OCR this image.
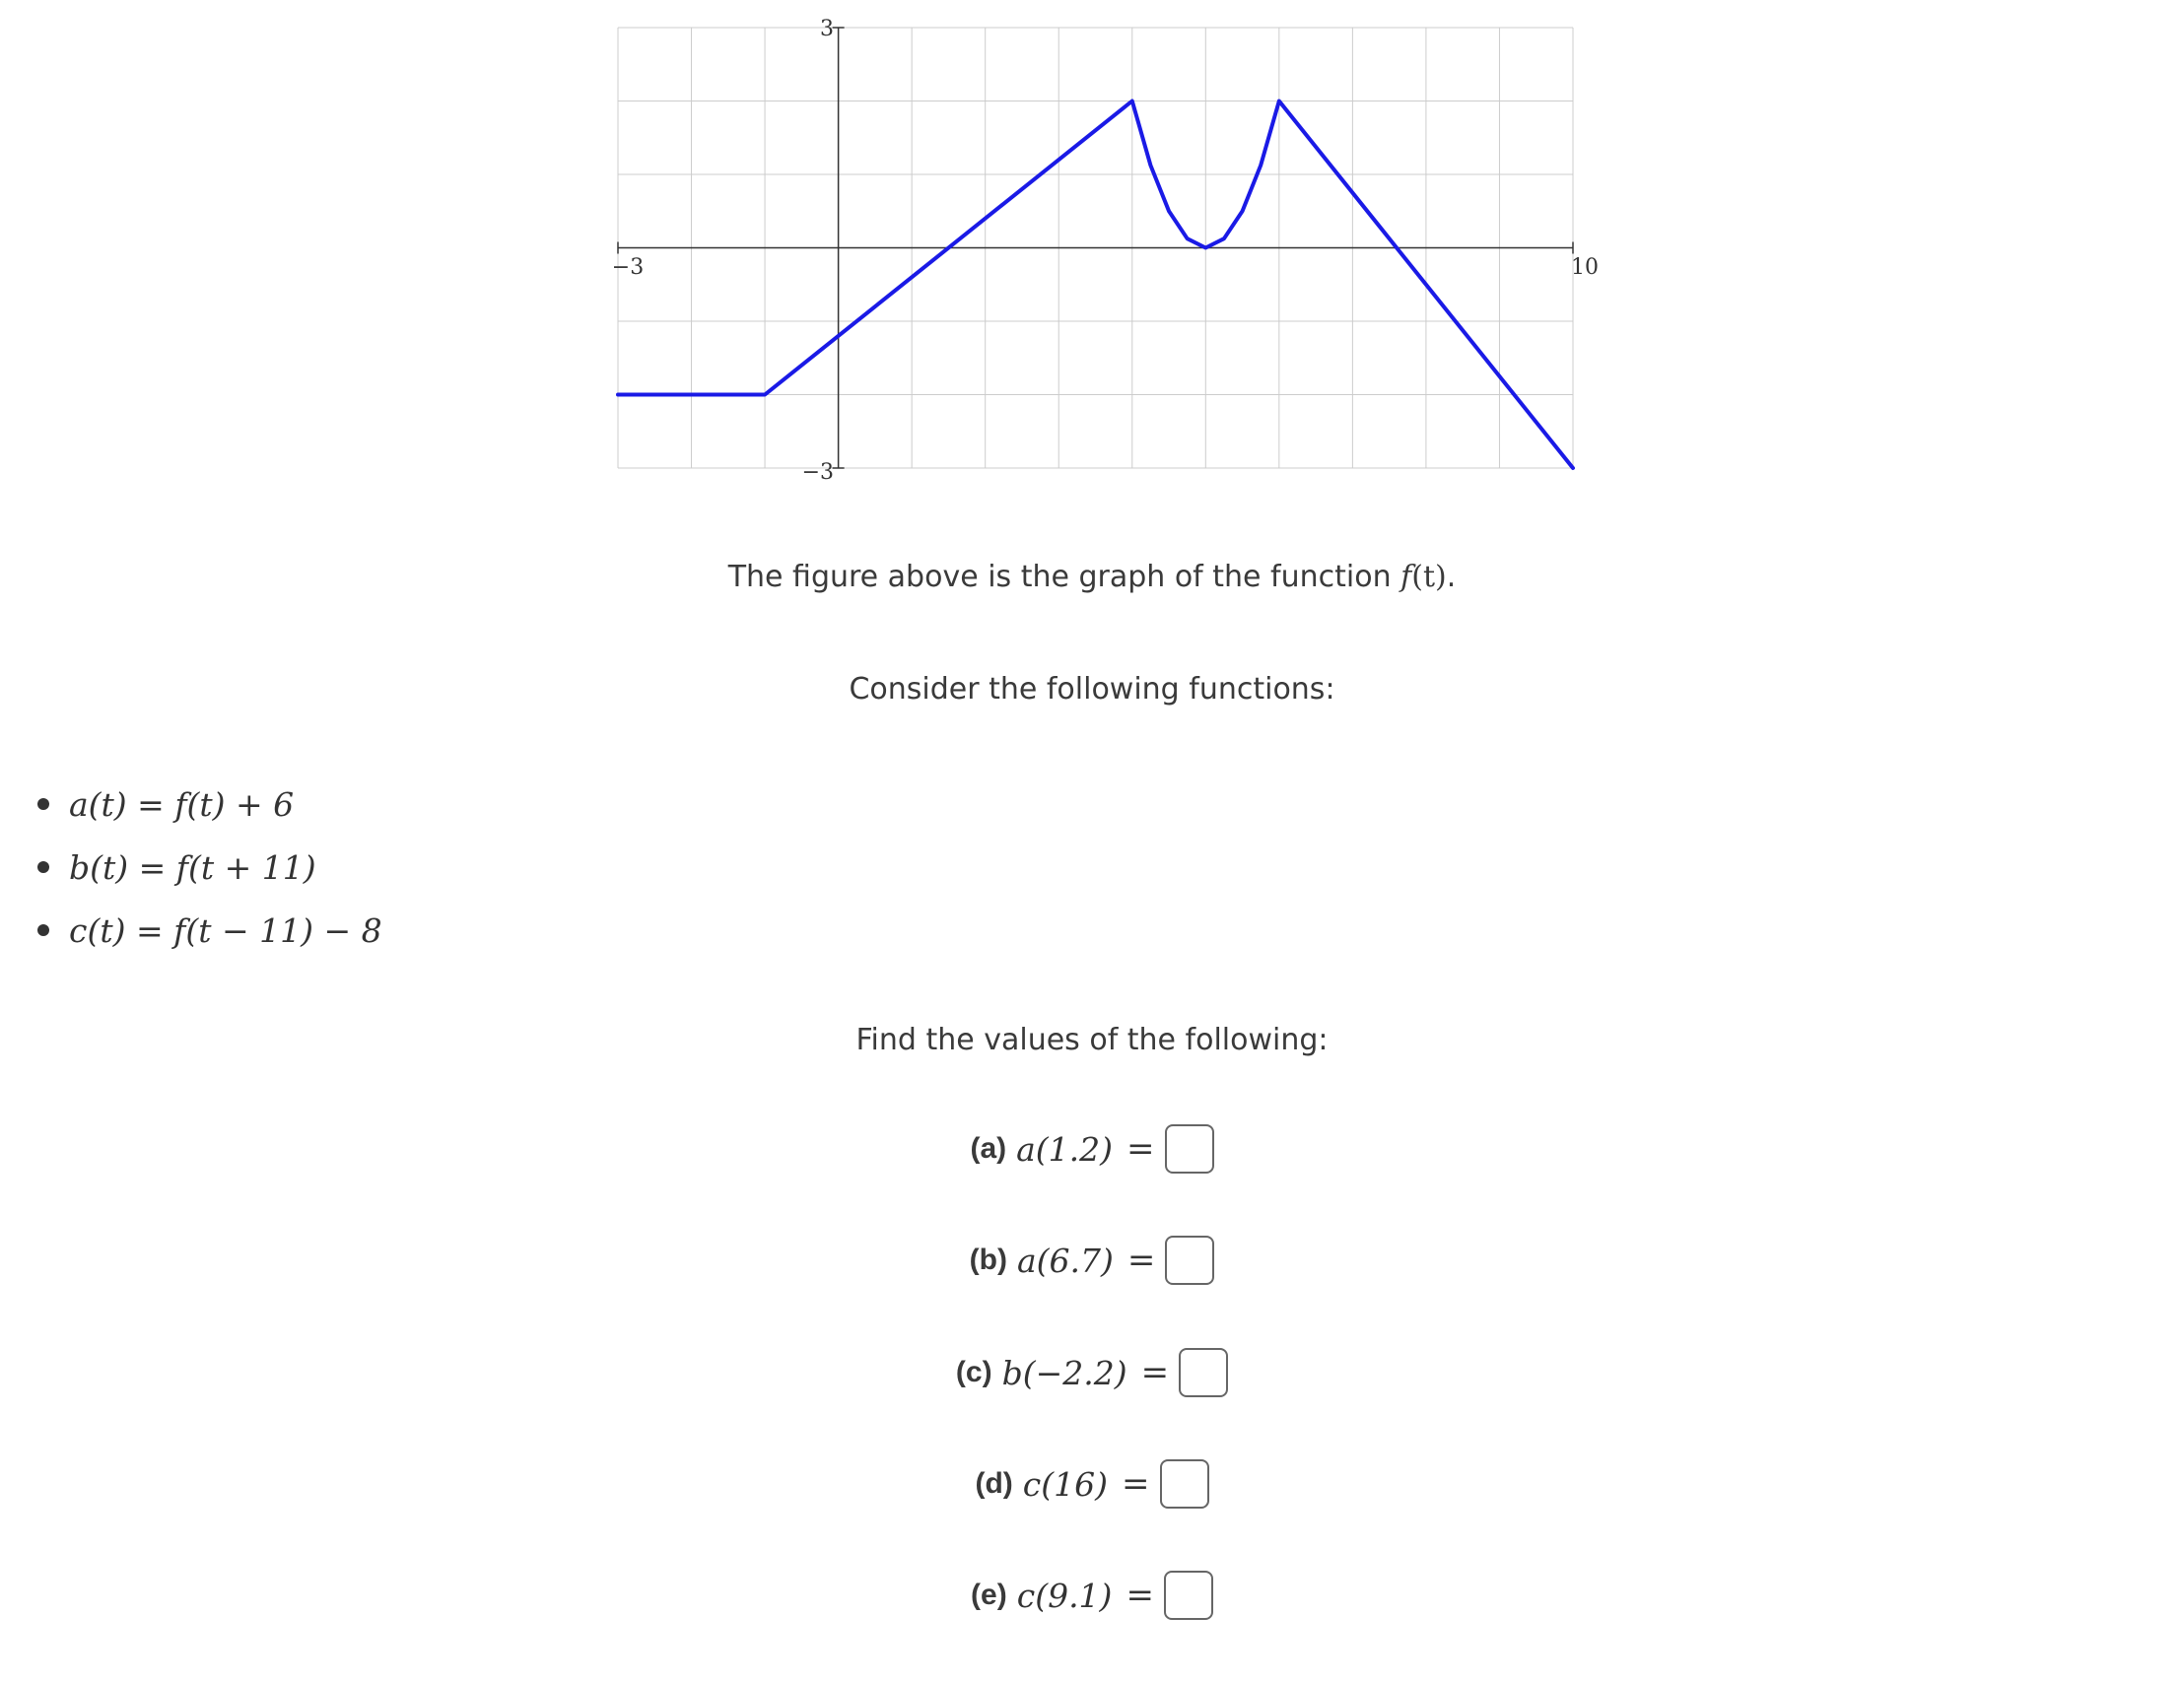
−3	10
3
−3
The figure above is the graph of the function f(t).
Consider the following functions:
a(t) = f(t) + 6
b(t) = f(t + 11)
c(t) = f(t − 11) − 8
Find the values of the following:
(a) a(1.2) =
(b) a(6.7) =
(c) b(−2.2) =
(d) c(16) =
(e) c(9.1) =
